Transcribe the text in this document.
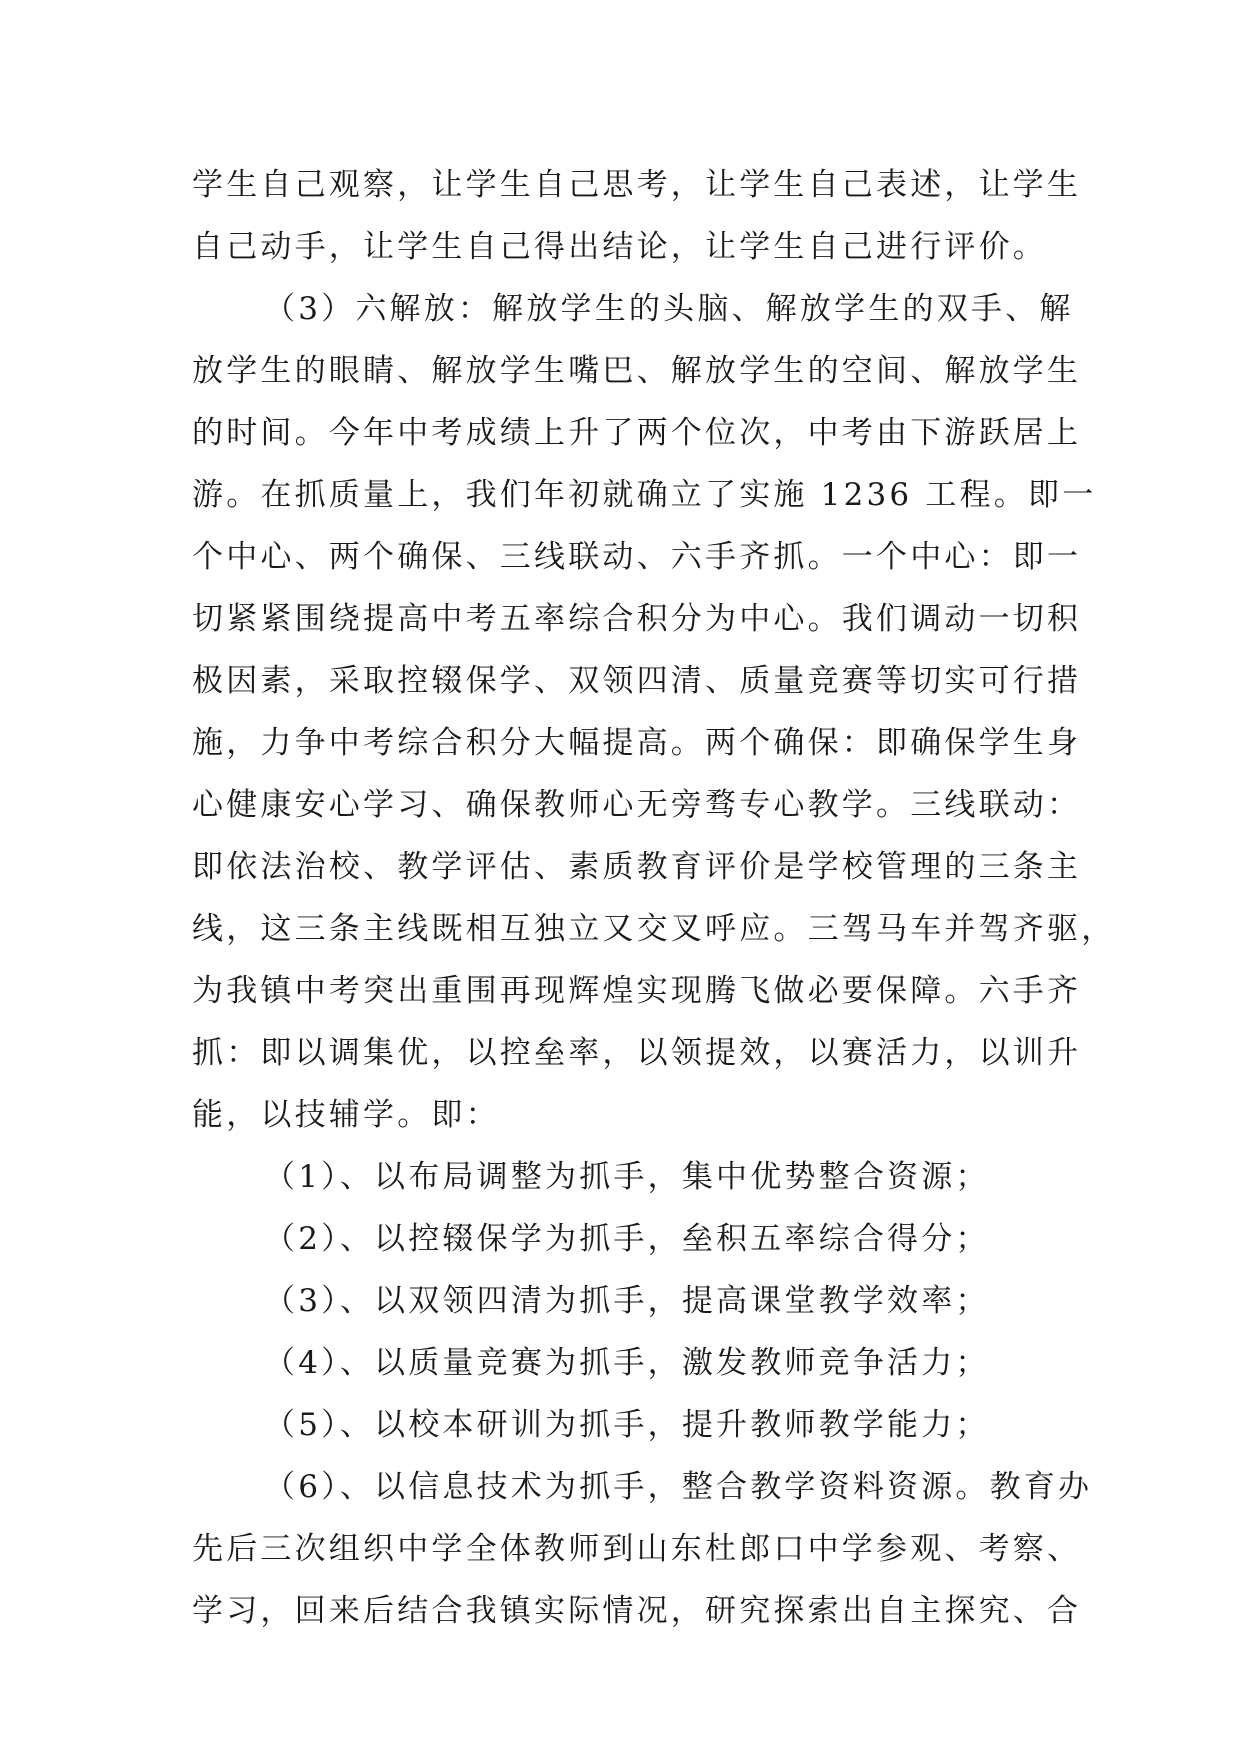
学生自己观察，让学生自己思考，让学生自己表述，让学生
自己动手，让学生自己得出结论，让学生自己进行评价。
（3）六解放：解放学生的头脑、解放学生的双手、解
放学生的眼睛、解放学生嘴巴、解放学生的空间、解放学生
的时间。今年中考成绩上升了两个位次，中考由下游跃居上
游。在抓质量上，我们年初就确立了实施 1236 工程。即一
个中心、两个确保、三线联动、六手齐抓。一个中心：即一
切紧紧围绕提高中考五率综合积分为中心。我们调动一切积
极因素，采取控辍保学、双领四清、质量竞赛等切实可行措
施，力争中考综合积分大幅提高。两个确保：即确保学生身
心健康安心学习、确保教师心无旁骛专心教学。三线联动：
即依法治校、教学评估、素质教育评价是学校管理的三条主
线，这三条主线既相互独立又交叉呼应。三驾马车并驾齐驱，
为我镇中考突出重围再现辉煌实现腾飞做必要保障。六手齐
抓：即以调集优，以控垒率，以领提效，以赛活力，以训升
能，以技辅学。即：
（1）、以布局调整为抓手，集中优势整合资源；
（2）、以控辍保学为抓手，垒积五率综合得分；
（3）、以双领四清为抓手，提高课堂教学效率；
（4）、以质量竞赛为抓手，激发教师竞争活力；
（5）、以校本研训为抓手，提升教师教学能力；
（6）、以信息技术为抓手，整合教学资料资源。教育办
先后三次组织中学全体教师到山东杜郎口中学参观、考察、
学习，回来后结合我镇实际情况，研究探索出自主探究、合
